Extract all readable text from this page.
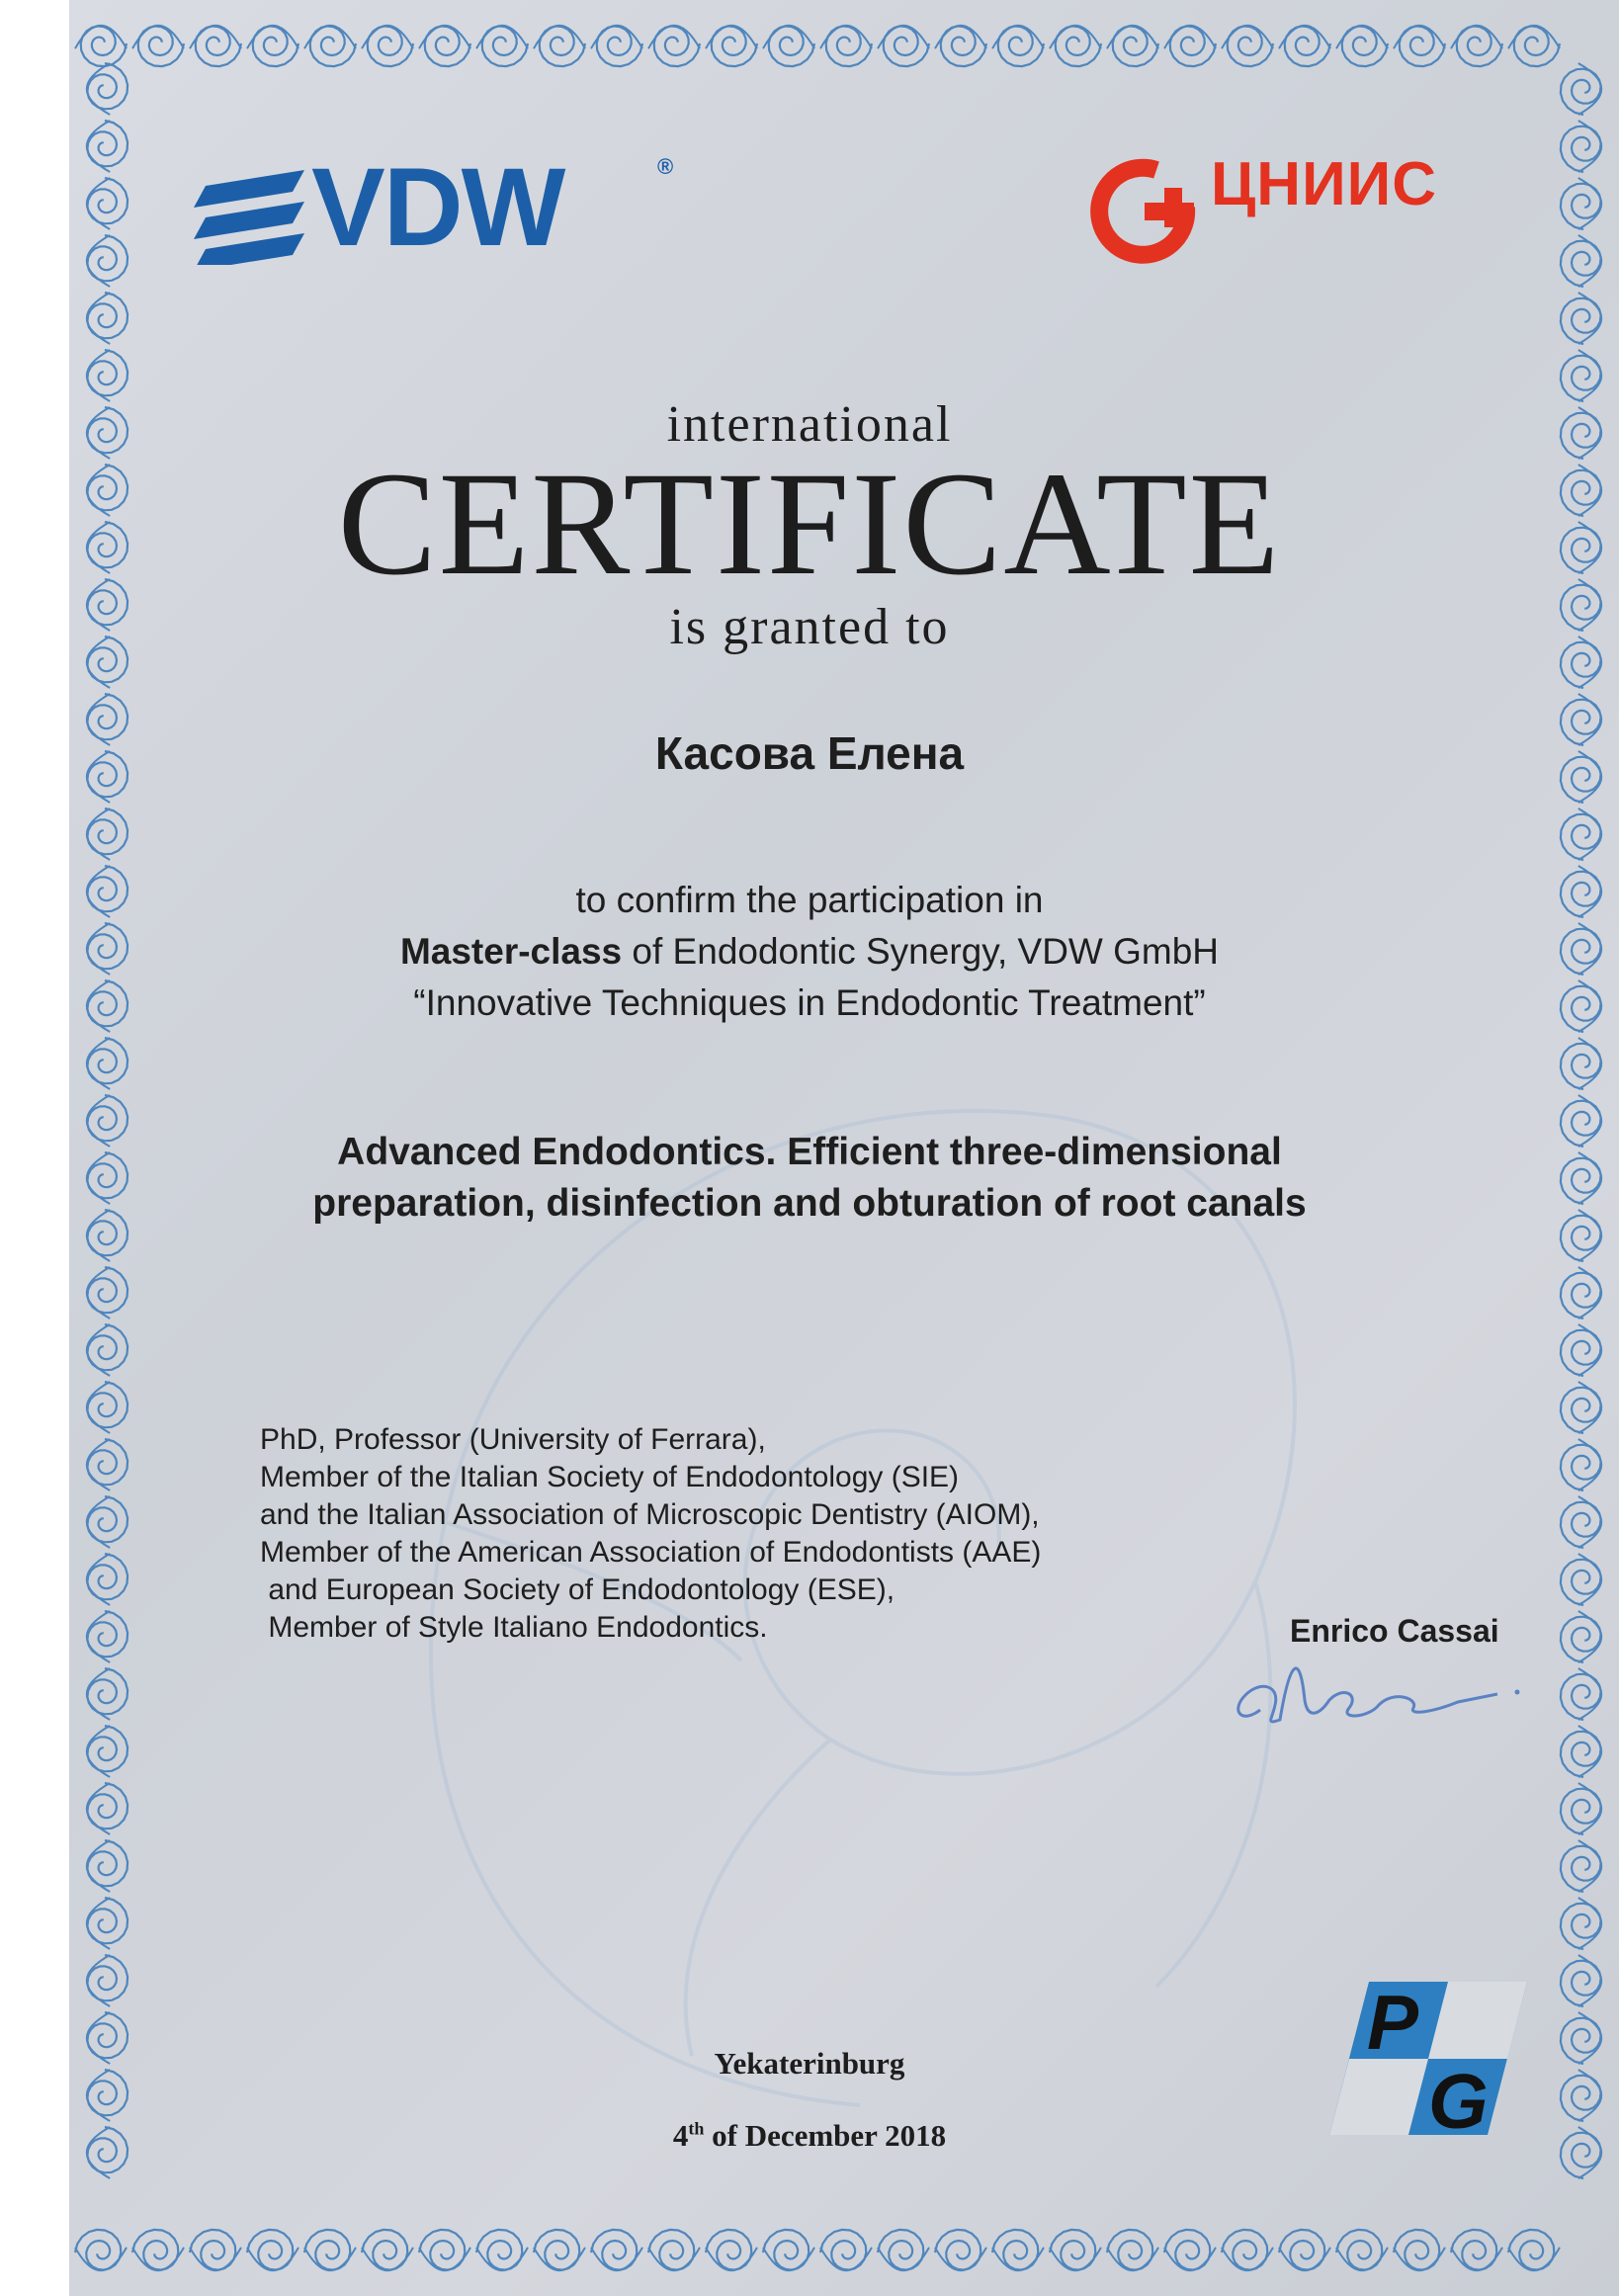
VDW	®	ЦНИИС
international
CERTIFICATE
is granted to
Касова Елена
to confirm the participation in
Master-class of Endodontic Synergy, VDW GmbH
“Innovative Techniques in Endodontic Treatment”
Advanced Endodontics. Efficient three-dimensional
preparation, disinfection and obturation of root canals
PhD, Professor (University of Ferrara),
Member of the Italian Society of Endodontology (SIE)
and the Italian Association of Microscopic Dentistry (AIOM),
Member of the American Association of Endodontists (AAE)
and European Society of Endodontology (ESE),
Member of Style Italiano Endodontics.	Enrico Cassai
Yekaterinburg
4th of December 2018
P
G
